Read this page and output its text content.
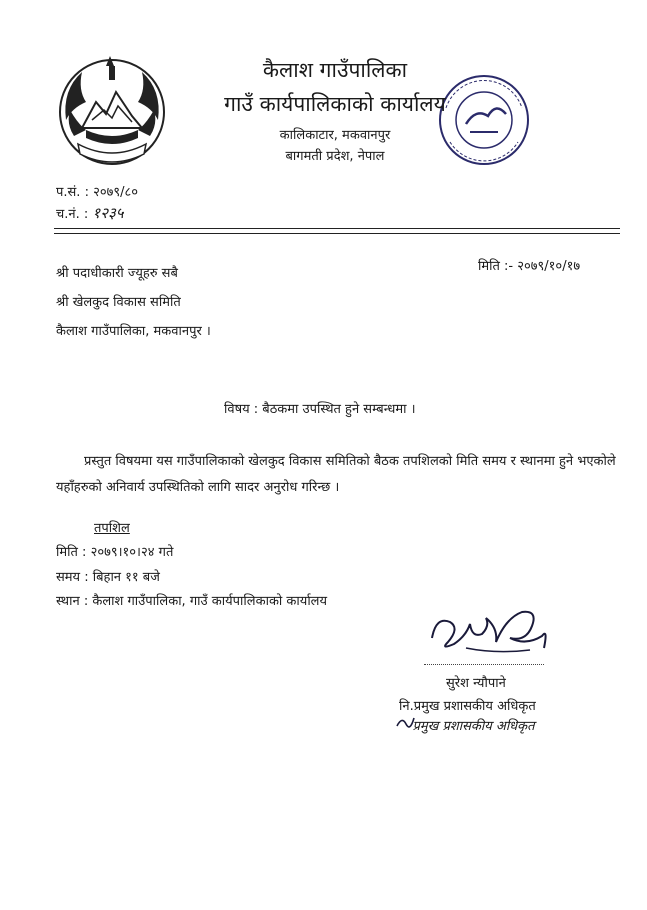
कैलाश गाउँपालिका
गाउँ कार्यपालिकाको कार्यालय
कालिकाटार, मकवानपुर
बागमती प्रदेश, नेपाल
प.सं. : २०७९/८०
च.नं. : १२३५
मिति :- २०७९/१०/१७
श्री पदाधीकारी ज्यूहरु सबै
श्री खेलकुद विकास समिति
कैलाश गाउँपालिका, मकवानपुर ।
विषय : बैठकमा उपस्थित हुने सम्बन्धमा ।

प्रस्तुत विषयमा यस गाउँपालिकाको खेलकुद विकास समितिको बैठक तपशिलको मिति समय र स्थानमा हुने भएकोले यहाँहरुको अनिवार्य उपस्थितिको लागि सादर अनुरोध गरिन्छ ।

तपशिल
मिति : २०७९।१०।२४ गते
समय : बिहान ११ बजे
स्थान : कैलाश गाउँपालिका, गाउँ कार्यपालिकाको कार्यालय
सुरेश न्यौपाने
नि.प्रमुख प्रशासकीय अधिकृत
प्रमुख प्रशासकीय अधिकृत
